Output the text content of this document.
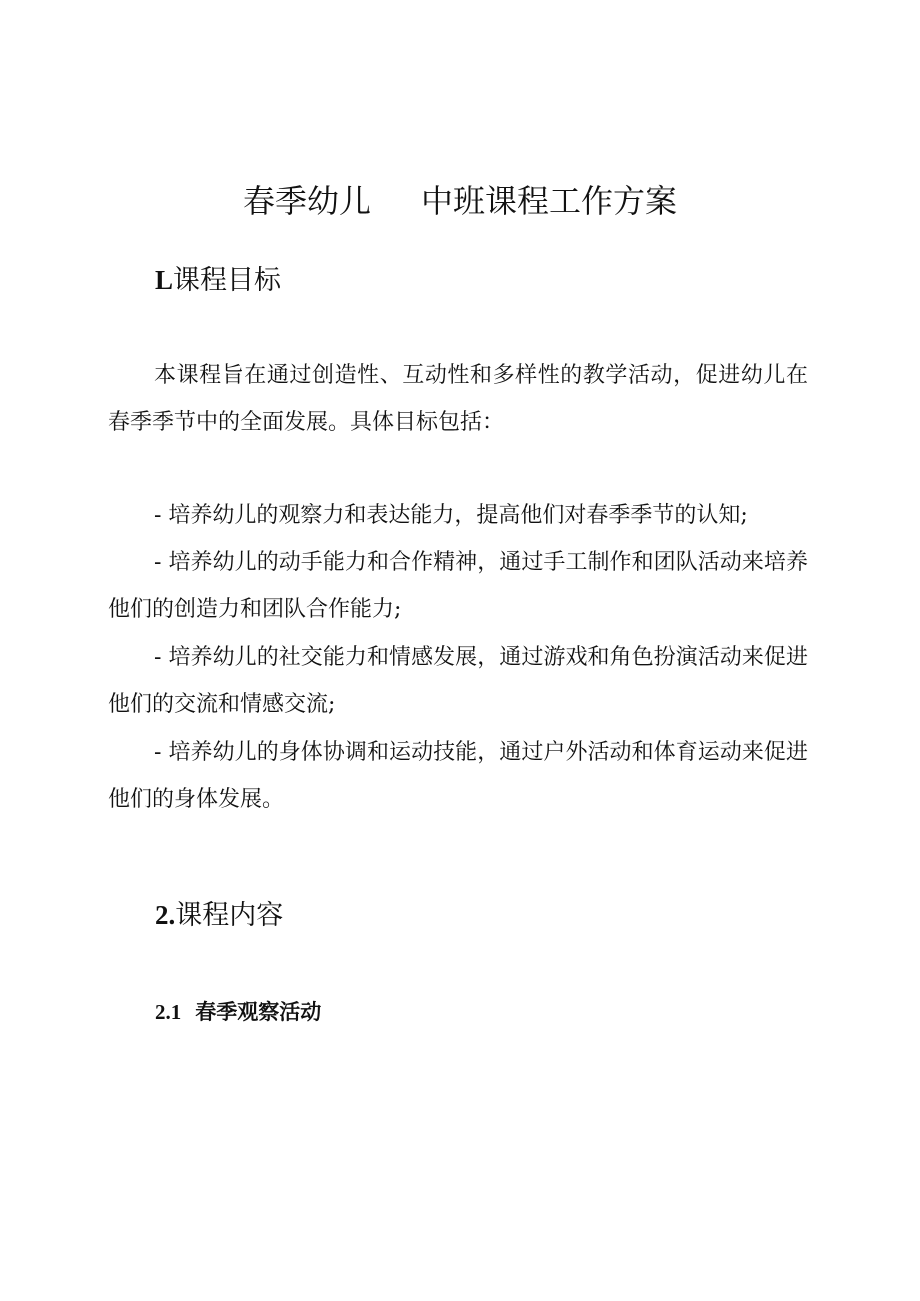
春季幼儿 中班课程工作方案
L课程目标

本课程旨在通过创造性、互动性和多样性的教学活动，促进幼儿在春季季节中的全面发展。具体目标包括：

- 培养幼儿的观察力和表达能力，提高他们对春季季节的认知;

- 培养幼儿的动手能力和合作精神，通过手工制作和团队活动来培养他们的创造力和团队合作能力;

- 培养幼儿的社交能力和情感发展，通过游戏和角色扮演活动来促进他们的交流和情感交流;

- 培养幼儿的身体协调和运动技能，通过户外活动和体育运动来促进他们的身体发展。

2.课程内容
2.1 春季观察活动
